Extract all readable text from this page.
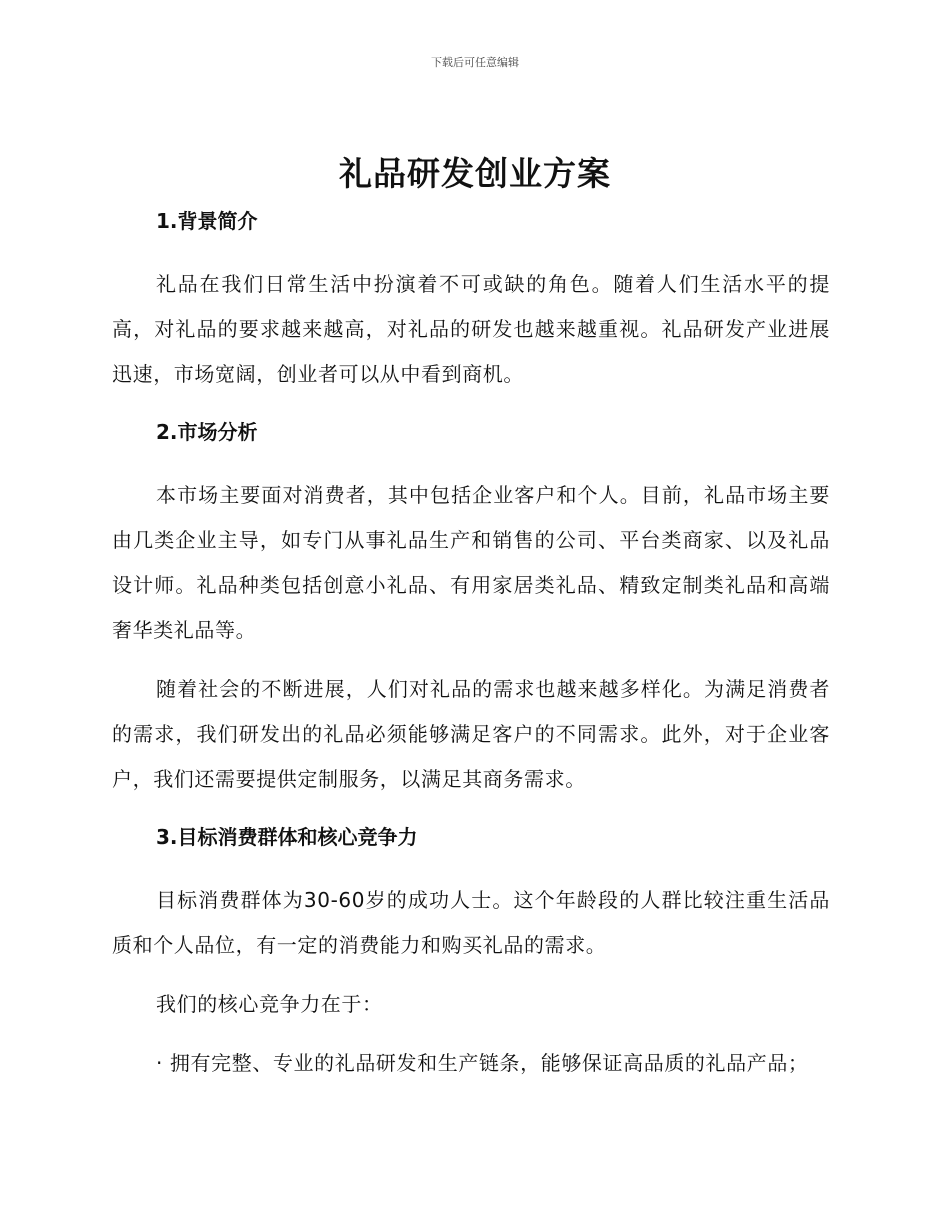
下载后可任意编辑
礼品研发创业方案
1.背景简介

礼品在我们日常生活中扮演着不可或缺的角色。随着人们生活水平的提高，对礼品的要求越来越高，对礼品的研发也越来越重视。礼品研发产业进展迅速，市场宽阔，创业者可以从中看到商机。

2.市场分析

本市场主要面对消费者，其中包括企业客户和个人。目前，礼品市场主要由几类企业主导，如专门从事礼品生产和销售的公司、平台类商家、以及礼品设计师。礼品种类包括创意小礼品、有用家居类礼品、精致定制类礼品和高端奢华类礼品等。

随着社会的不断进展，人们对礼品的需求也越来越多样化。为满足消费者的需求，我们研发出的礼品必须能够满足客户的不同需求。此外，对于企业客户，我们还需要提供定制服务，以满足其商务需求。

3.目标消费群体和核心竞争力

目标消费群体为30-60岁的成功人士。这个年龄段的人群比较注重生活品质和个人品位，有一定的消费能力和购买礼品的需求。

我们的核心竞争力在于：

· 拥有完整、专业的礼品研发和生产链条，能够保证高品质的礼品产品；
